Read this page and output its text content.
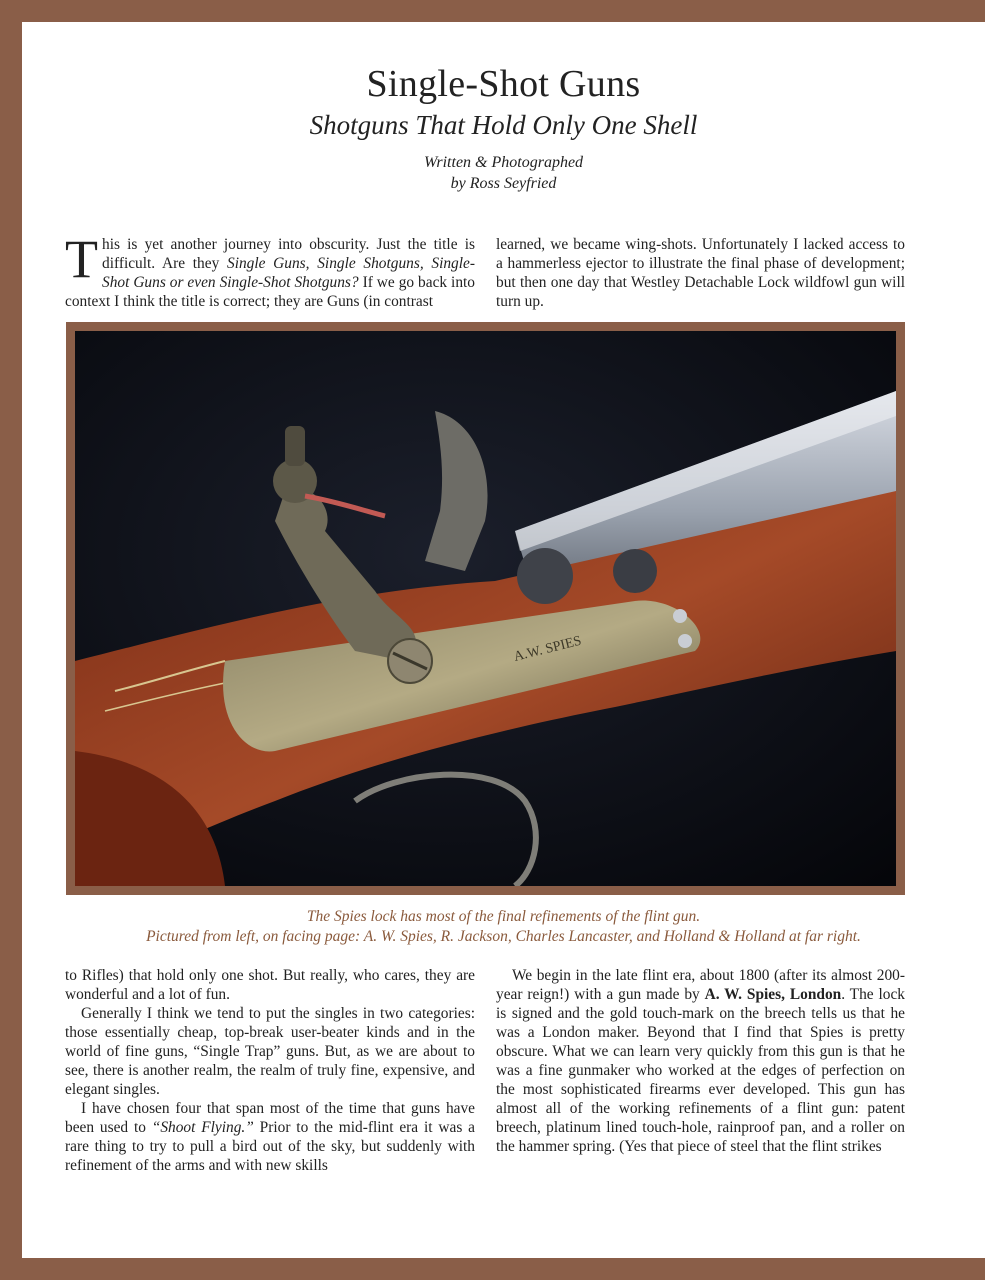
Single-Shot Guns
Shotguns That Hold Only One Shell
Written & Photographed
by Ross Seyfried

This is yet another journey into obscurity. Just the title is difficult. Are they Single Guns, Single Shotguns, Single-Shot Guns or even Single-Shot Shotguns? If we go back into context I think the title is correct; they are Guns (in contrast

learned, we became wing-shots. Unfortunately I lacked access to a hammerless ejector to illustrate the final phase of development; but then one day that Westley Detachable Lock wildfowl gun will turn up.

A.W. SPIES
The Spies lock has most of the final refinements of the flint gun.
Pictured from left, on facing page: A. W. Spies, R. Jackson, Charles Lancaster, and Holland & Holland at far right.

to Rifles) that hold only one shot. But really, who cares, they are wonderful and a lot of fun.

Generally I think we tend to put the singles in two categories: those essentially cheap, top-break user-beater kinds and in the world of fine guns, “Single Trap” guns. But, as we are about to see, there is another realm, the realm of truly fine, expensive, and elegant singles.

I have chosen four that span most of the time that guns have been used to “Shoot Flying.” Prior to the mid-flint era it was a rare thing to try to pull a bird out of the sky, but suddenly with refinement of the arms and with new skills

We begin in the late flint era, about 1800 (after its almost 200-year reign!) with a gun made by A. W. Spies, London. The lock is signed and the gold touch-mark on the breech tells us that he was a London maker. Beyond that I find that Spies is pretty obscure. What we can learn very quickly from this gun is that he was a fine gunmaker who worked at the edges of perfection on the most sophisticated firearms ever developed. This gun has almost all of the working refinements of a flint gun: patent breech, platinum lined touch-hole, rainproof pan, and a roller on the hammer spring. (Yes that piece of steel that the flint strikes
